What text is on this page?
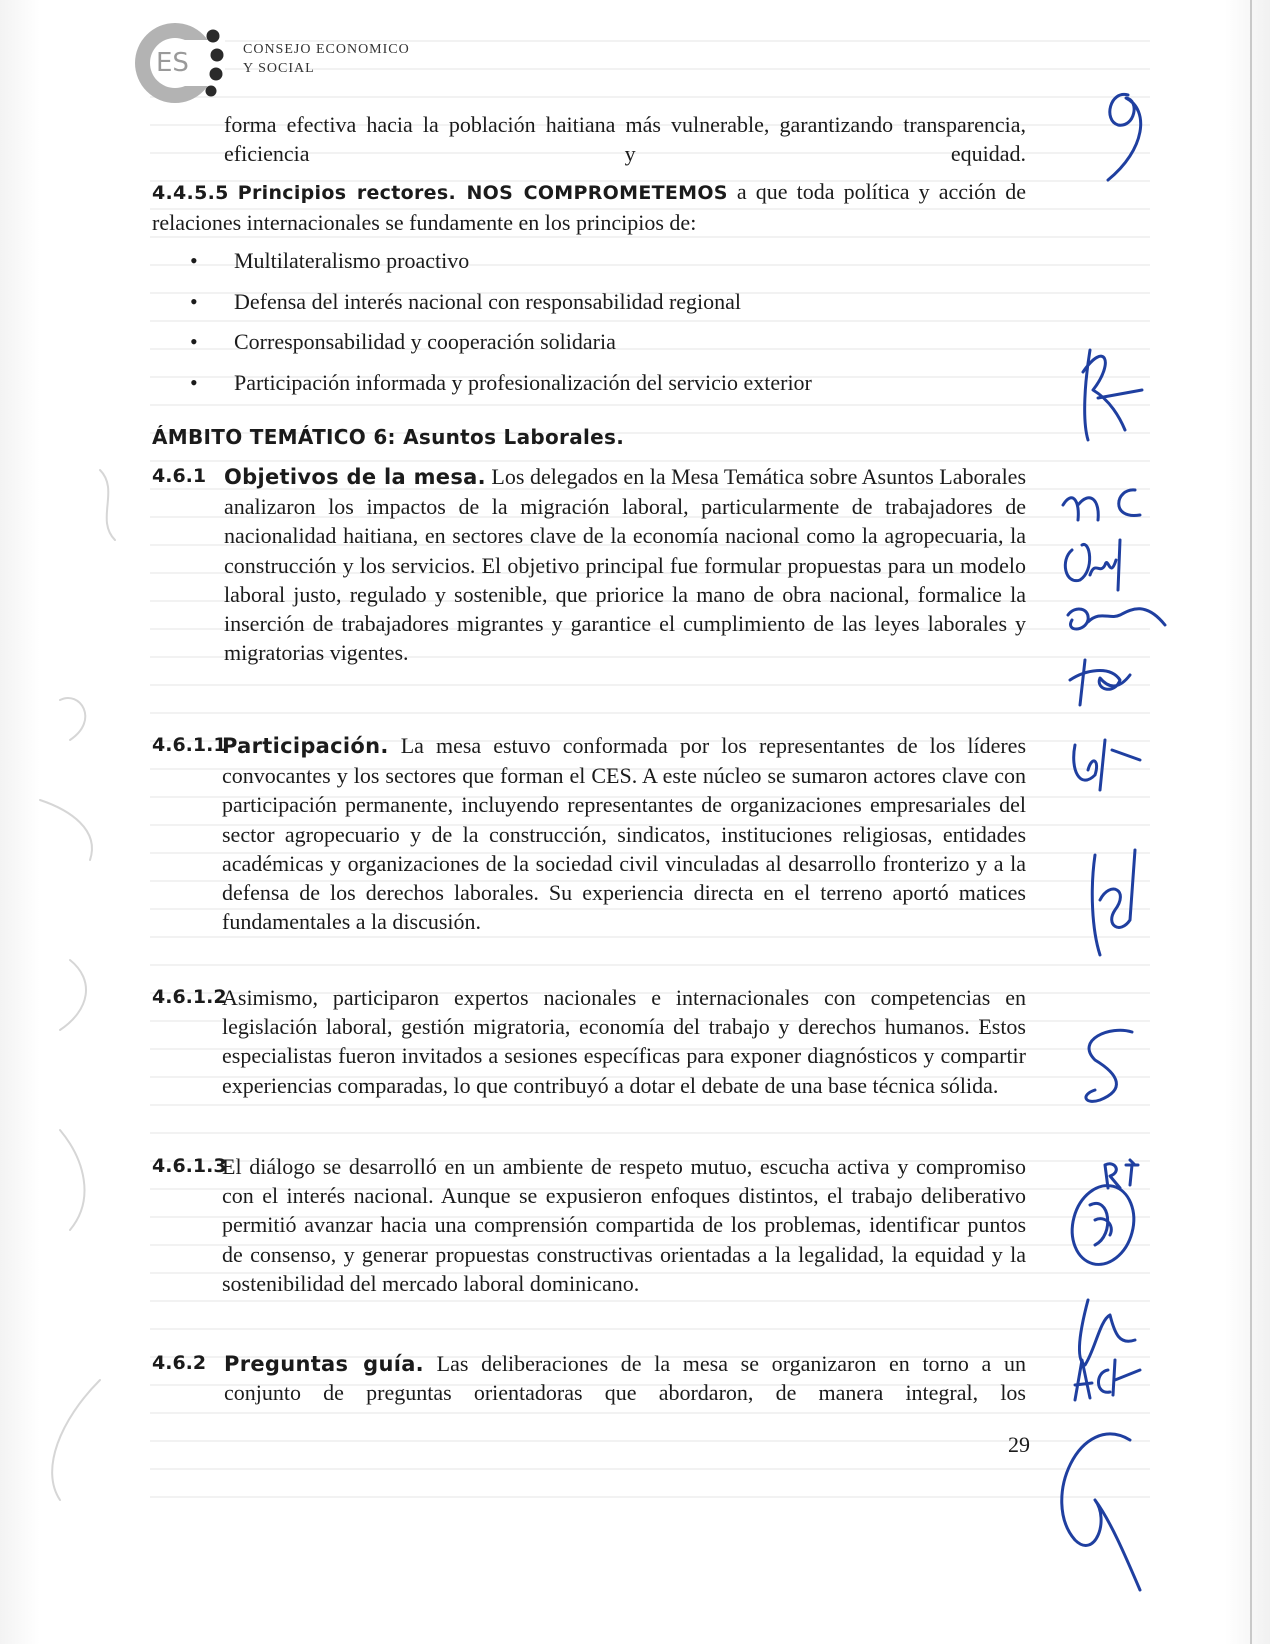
ES	CONSEJO ECONOMICO
Y SOCIAL

forma efectiva hacia la población haitiana más vulnerable, garantizando transparencia, eficiencia y equidad.

4.4.5.5 Principios rectores. NOS COMPROMETEMOS a que toda política y acción de relaciones internacionales se fundamente en los principios de:

• Multilateralismo proactivo
• Defensa del interés nacional con responsabilidad regional
• Corresponsabilidad y cooperación solidaria
• Participación informada y profesionalización del servicio exterior
ÁMBITO TEMÁTICO 6: Asuntos Laborales.
4.6.1 Objetivos de la mesa. Los delegados en la Mesa Temática sobre Asuntos Laborales analizaron los impactos de la migración laboral, particularmente de trabajadores de nacionalidad haitiana, en sectores clave de la economía nacional como la agropecuaria, la construcción y los servicios. El objetivo principal fue formular propuestas para un modelo laboral justo, regulado y sostenible, que priorice la mano de obra nacional, formalice la inserción de trabajadores migrantes y garantice el cumplimiento de las leyes laborales y migratorias vigentes.

4.6.1.1

Participación. La mesa estuvo conformada por los representantes de los líderes convocantes y los sectores que forman el CES. A este núcleo se sumaron actores clave con participación permanente, incluyendo representantes de organizaciones empresariales del sector agropecuario y de la construcción, sindicatos, instituciones religiosas, entidades académicas y organizaciones de la sociedad civil vinculadas al desarrollo fronterizo y a la defensa de los derechos laborales. Su experiencia directa en el terreno aportó matices fundamentales a la discusión.

4.6.1.2

Asimismo, participaron expertos nacionales e internacionales con competencias en legislación laboral, gestión migratoria, economía del trabajo y derechos humanos. Estos especialistas fueron invitados a sesiones específicas para exponer diagnósticos y compartir experiencias comparadas, lo que contribuyó a dotar el debate de una base técnica sólida.

4.6.1.3

El diálogo se desarrolló en un ambiente de respeto mutuo, escucha activa y compromiso con el interés nacional. Aunque se expusieron enfoques distintos, el trabajo deliberativo permitió avanzar hacia una comprensión compartida de los problemas, identificar puntos de consenso, y generar propuestas constructivas orientadas a la legalidad, la equidad y la sostenibilidad del mercado laboral dominicano.

4.6.2 Preguntas guía. Las deliberaciones de la mesa se organizaron en torno a un
conjunto de preguntas orientadoras que abordaron, de manera integral, los
29
